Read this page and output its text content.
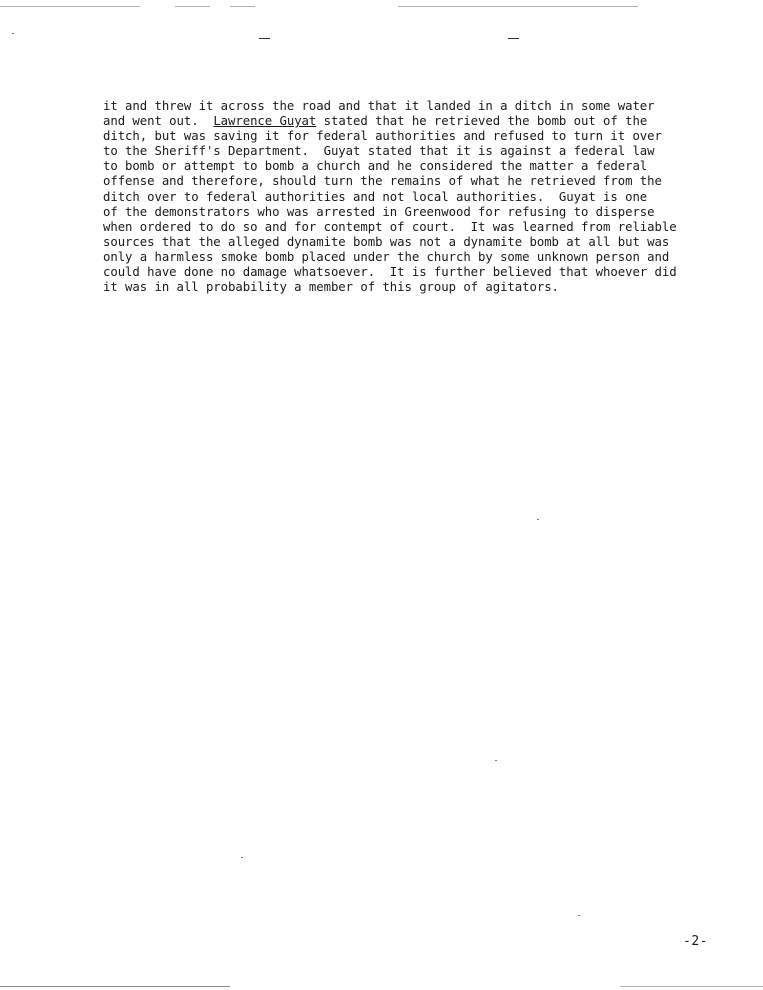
it and threw it across the road and that it landed in a ditch in some water
and went out.  Lawrence Guyat stated that he retrieved the bomb out of the
ditch, but was saving it for federal authorities and refused to turn it over
to the Sheriff's Department.  Guyat stated that it is against a federal law
to bomb or attempt to bomb a church and he considered the matter a federal
offense and therefore, should turn the remains of what he retrieved from the
ditch over to federal authorities and not local authorities.  Guyat is one
of the demonstrators who was arrested in Greenwood for refusing to disperse
when ordered to do so and for contempt of court.  It was learned from reliable
sources that the alleged dynamite bomb was not a dynamite bomb at all but was
only a harmless smoke bomb placed under the church by some unknown person and
could have done no damage whatsoever.  It is further believed that whoever did
it was in all probability a member of this group of agitators.
-2-
